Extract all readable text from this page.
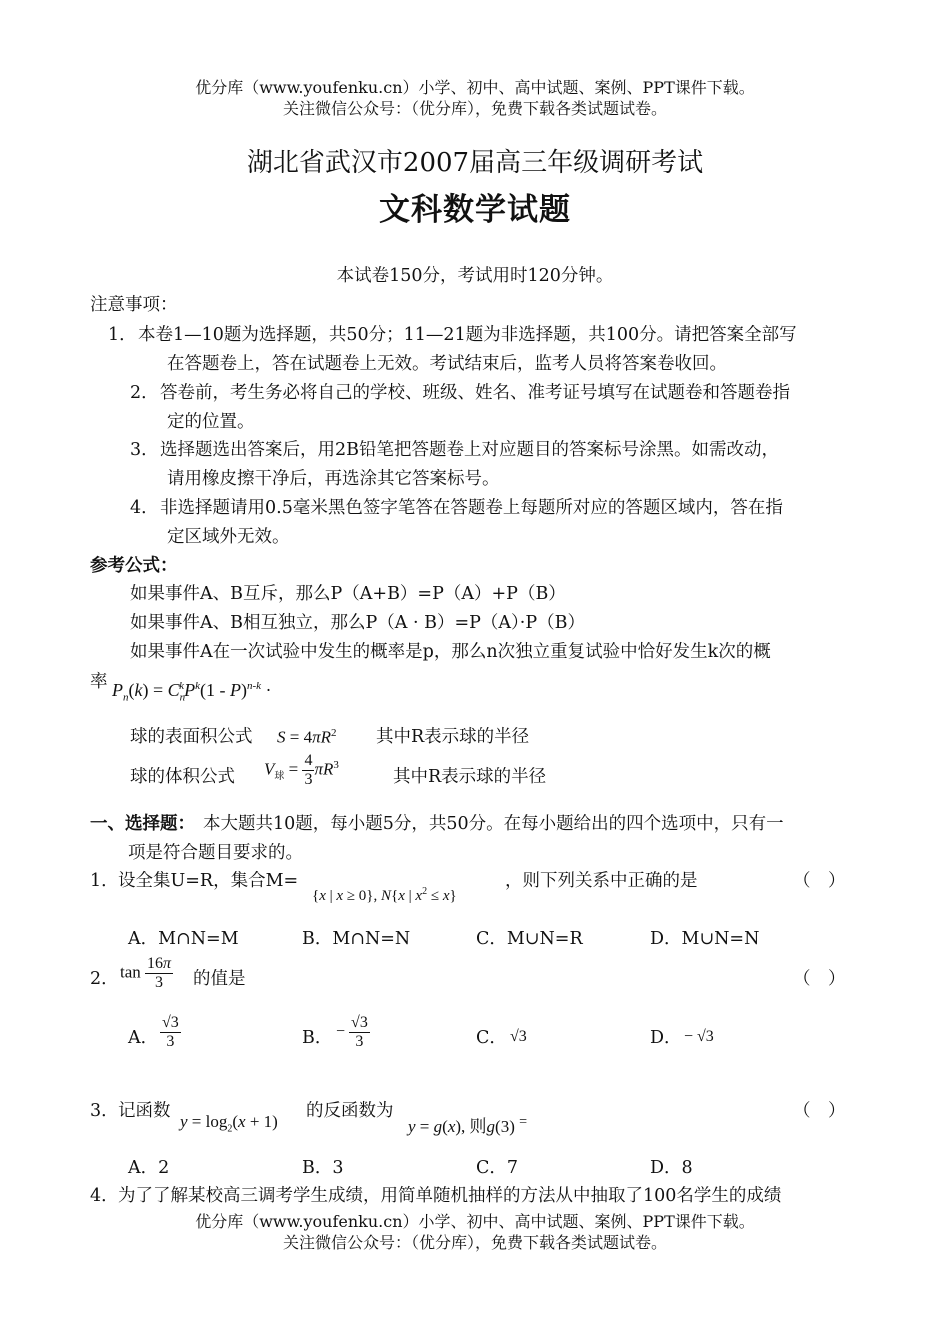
优分库（www.youfenku.cn）小学、初中、高中试题、案例、PPT课件下载。
关注微信公众号：（优分库），免费下载各类试题试卷。
湖北省武汉市2007届高三年级调研考试
文科数学试题
本试卷150分，考试用时120分钟。
注意事项：
1． 本卷1—10题为选择题，共50分；11—21题为非选择题，共100分。请把答案全部写
在答题卷上，答在试题卷上无效。考试结束后，监考人员将答案卷收回。
2． 答卷前，考生务必将自己的学校、班级、姓名、准考证号填写在试题卷和答题卷指
定的位置。
3． 选择题选出答案后，用2B铅笔把答题卷上对应题目的答案标号涂黑。如需改动，
请用橡皮擦干净后，再选涂其它答案标号。
4． 非选择题请用0.5毫米黑色签字笔答在答题卷上每题所对应的答题区域内，答在指
定区域外无效。
参考公式：
如果事件A、B互斥，那么P（A+B）=P（A）+P（B）
如果事件A、B相互独立，那么P（A · B）=P（A）·P（B）
如果事件A在一次试验中发生的概率是p，那么n次独立重复试验中恰好发生k次的概
率 $P_n(k) = C_n^kP^k(1 - P)^{n-k}$ ·
球的表面积公式 $S = 4\pi R^2$ 其中R表示球的半径
球的体积公式 $V_球 = \frac{4}{3} \pi R^3$
其中R表示球的半径
一、选择题： 本大题共10题，每小题5分，共50分。在每小题给出的四个选项中，只有一
项是符合题目要求的。
1． 设全集U=R，集合M=
{x | x ≥ 0}, N{x | $x^2 \le x$}
，则下列关系中正确的是	（　）
A．M∩N=M	B．M∩N=N	C．M∪N=R	D．M∪N=N
2． $\tan \frac{16\pi}{3}$ 的值是	（　）
A． $\frac{√3}{3}$	B． − $\frac{√3}{3}$	C． √3	D． − √3
3． 记函数
$y = \log_2(x + 1)$
的反函数为
y = g(x), 则g(3) =
（　）
A．2	B．3	C．7	D．8
4． 为了了解某校高三调考学生成绩，用简单随机抽样的方法从中抽取了100名学生的成绩
优分库（www.youfenku.cn）小学、初中、高中试题、案例、PPT课件下载。
关注微信公众号：（优分库），免费下载各类试题试卷。
